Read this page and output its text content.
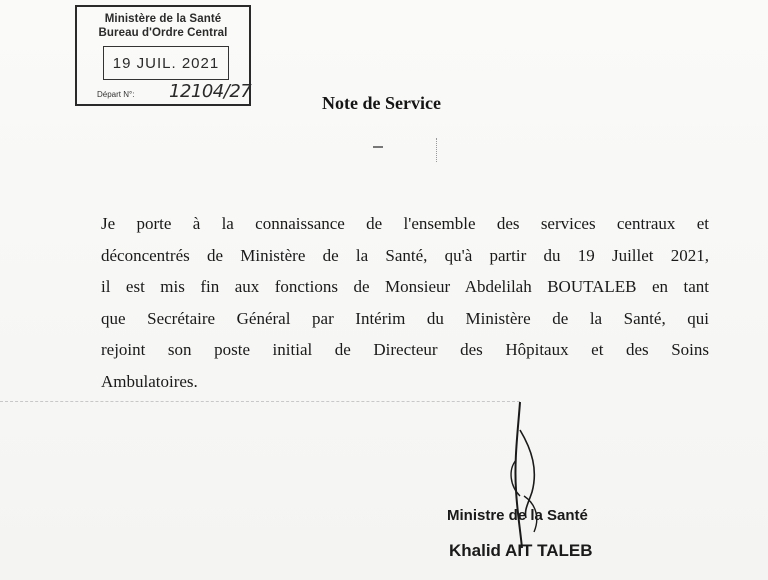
Ministère de la Santé
Bureau d'Ordre Central
19 JUIL. 2021
Départ N°: 12104/27
Note de Service
Je porte à la connaissance de l'ensemble des services centraux et
déconcentrés de Ministère de la Santé, qu'à partir du 19 Juillet 2021,
il est mis fin aux fonctions de Monsieur Abdelilah BOUTALEB en tant
que Secrétaire Général par Intérim du Ministère de la Santé, qui
rejoint son poste initial de Directeur des Hôpitaux et des Soins
Ambulatoires.
Ministre de la Santé
Khalid AIT TALEB
